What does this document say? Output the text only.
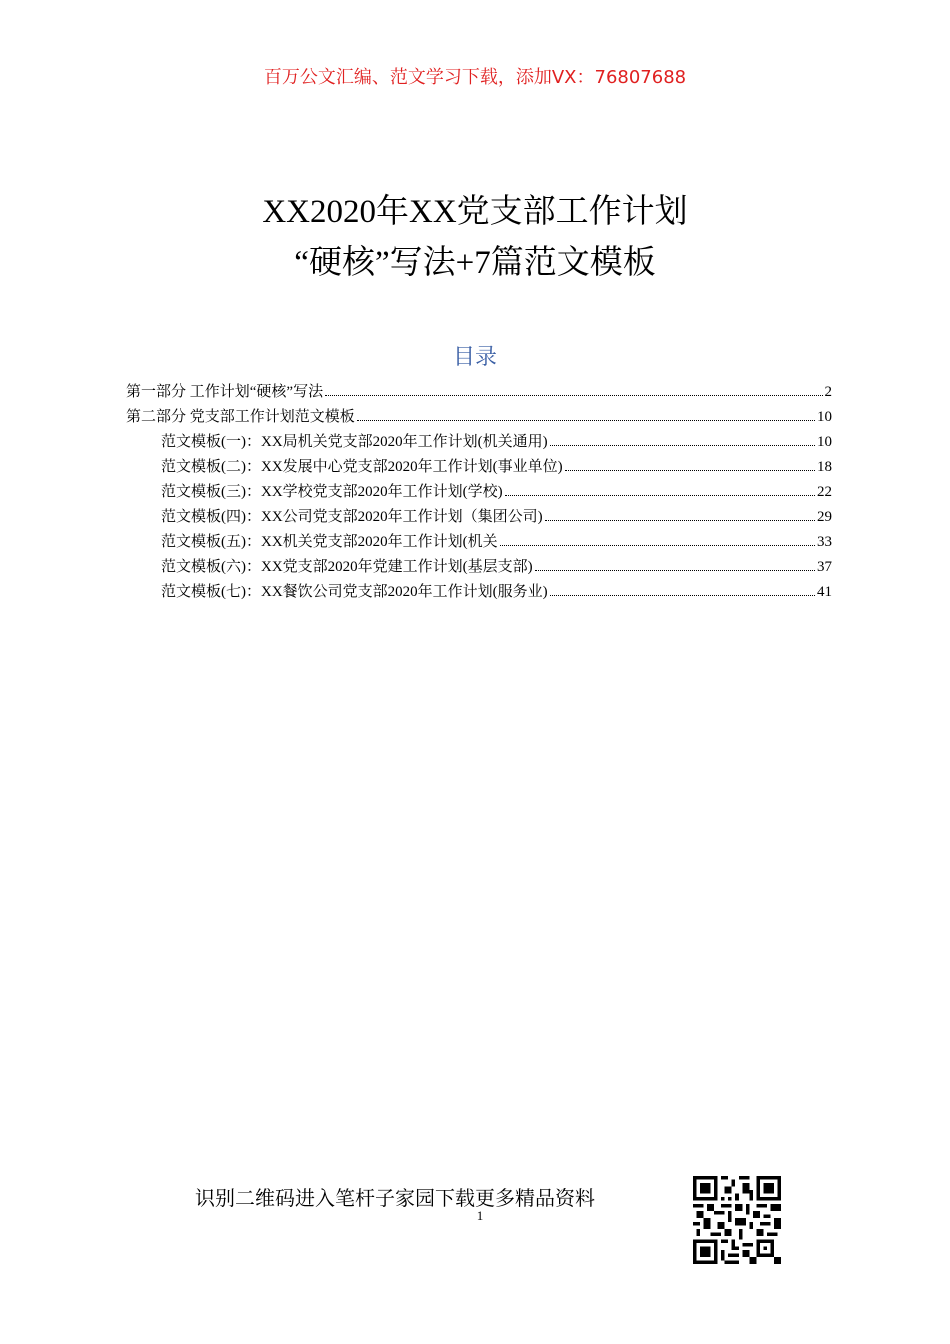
百万公文汇编、范文学习下载，添加VX：76807688
XX2020年XX党支部工作计划
“硬核”写法+7篇范文模板
目录
第一部分 工作计划“硬核”写法	2
第二部分 党支部工作计划范文模板	10
范文模板(一)：XX局机关党支部2020年工作计划(机关通用)	10
范文模板(二)：XX发展中心党支部2020年工作计划(事业单位)	18
范文模板(三)：XX学校党支部2020年工作计划(学校)	22
范文模板(四)：XX公司党支部2020年工作计划（集团公司)	29
范文模板(五)：XX机关党支部2020年工作计划(机关	33
范文模板(六)：XX党支部2020年党建工作计划(基层支部)	37
范文模板(七)：XX餐饮公司党支部2020年工作计划(服务业)	41
识别二维码进入笔杆子家园下载更多精品资料
1
